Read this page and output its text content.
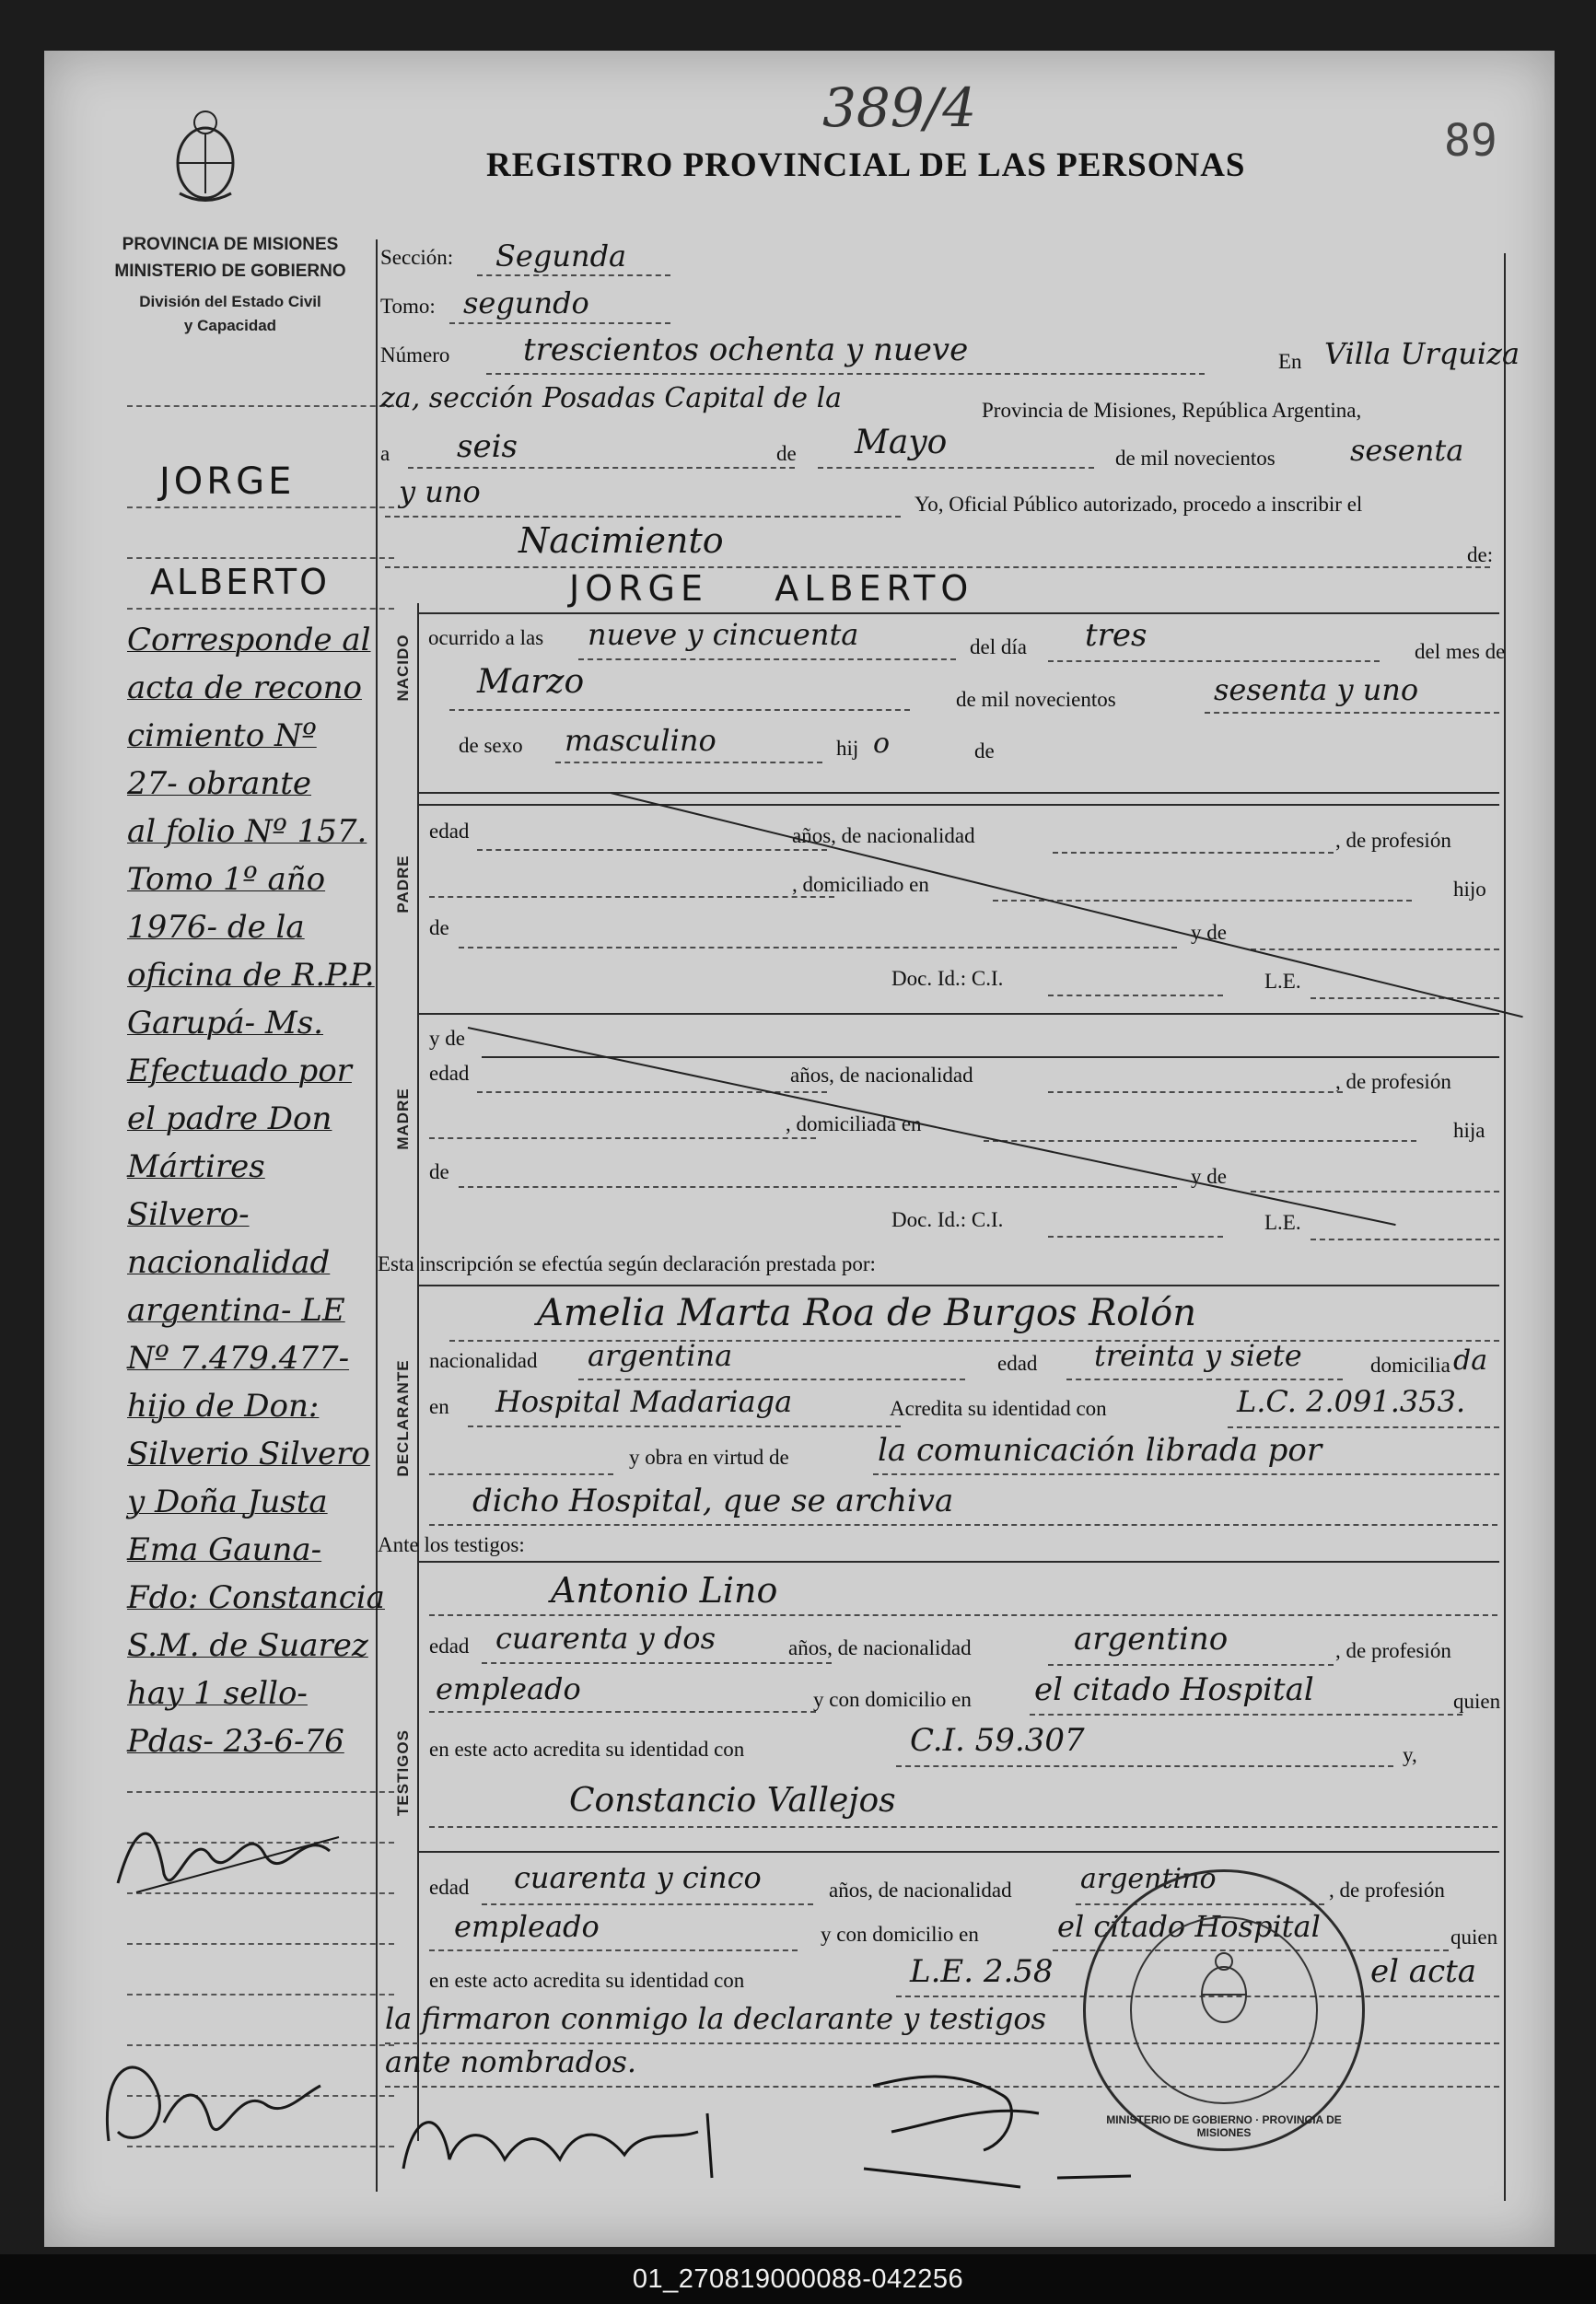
389/4
89
REGISTRO PROVINCIAL DE LAS PERSONAS
PROVINCIA DE MISIONES
MINISTERIO DE GOBIERNO
División del Estado Civil
y Capacidad
JORGE
ALBERTO
Corresponde al
acta de recono
cimiento Nº
27- obrante
al folio Nº 157.
Tomo 1º año
1976- de la
oficina de R.P.P.
Garupá- Ms.
Efectuado por
el padre Don
Mártires
Silvero-
nacionalidad
argentina- LE
Nº 7.479.477-
hijo de Don:
Silverio Silvero
y Doña Justa
Ema Gauna-
Fdo: Constancia
S.M. de Suarez
hay 1 sello-
Pdas- 23-6-76
Sección: Segunda
Tomo: segundo
Número trescientos ochenta y nueve	En Villa Urquiza
za, sección Posadas Capital de la	Provincia de Misiones, República Argentina,
a seis	de Mayo	de mil novecientos	sesenta
y uno	Yo, Oficial Público autorizado, procedo a inscribir el
Nacimiento	de:
JORGE    ALBERTO
NACIDO ocurrido a las nueve y cincuenta	del día tres	del mes de
Marzo	de mil novecientos	sesenta y uno
de sexo masculino	hij o	de
PADRE
edad	años, de nacionalidad	, de profesión
, domiciliado en	hijo
de	y de
Doc. Id.: C.I.	L.E.
MADRE
y de
edad	años, de nacionalidad	, de profesión
, domiciliada en	hija
de	y de
Doc. Id.: C.I.	L.E.
Esta inscripción se efectúa según declaración prestada por:
DECLARANTE
Amelia Marta Roa de Burgos Rolón
nacionalidad argentina	edad treinta y siete	domicilia da
en Hospital Madariaga	Acredita su identidad con	L.C. 2.091.353.
y obra en virtud de	la comunicación librada por
dicho Hospital, que se archiva
Ante los testigos:
TESTIGOS
Antonio Lino
edad cuarenta y dos	años, de nacionalidad	argentino	, de profesión
empleado	y con domicilio en el citado Hospital	quien
en este acto acredita su identidad con	C.I. 59.307	y,
Constancio Vallejos
edad cuarenta y cinco	años, de nacionalidad argentino	, de profesión
empleado	y con domicilio en	el citado Hospital	quien
en este acto acredita su identidad con	L.E. 2.58	el acta
la firmaron conmigo la declarante y testigos
ante nombrados.
MINISTERIO DE GOBIERNO · PROVINCIA DE MISIONES
01_270819000088-042256
